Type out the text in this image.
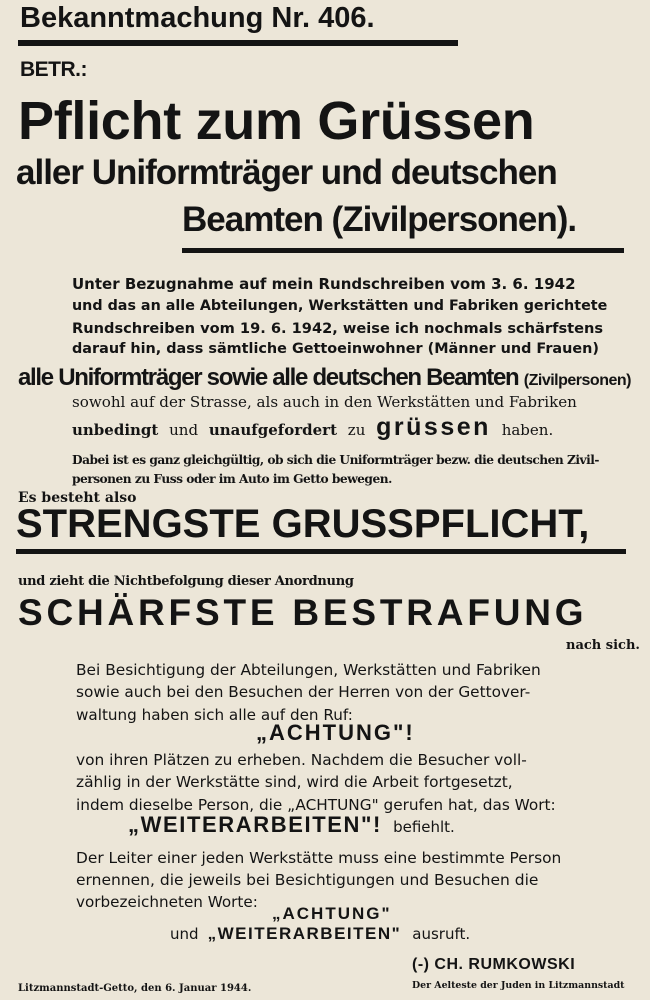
Bekanntmachung Nr. 406.
BETR.:
Pflicht zum Grüssen
aller Uniformträger und deutschen
Beamten (Zivilpersonen).
Unter Bezugnahme auf mein Rundschreiben vom 3. 6. 1942
und das an alle Abteilungen, Werkstätten und Fabriken gerichtete
Rundschreiben vom 19. 6. 1942, weise ich nochmals schärfstens
darauf hin, dass sämtliche Gettoeinwohner (Männer und Frauen)
alle Uniformträger sowie alle deutschen Beamten (Zivilpersonen)
sowohl auf der Strasse, als auch in den Werkstätten und Fabriken
unbedingt und unaufgefordert zu grüssen haben.
Dabei ist es ganz gleichgültig, ob sich die Uniformträger bezw. die deutschen Zivil-
personen zu Fuss oder im Auto im Getto bewegen.
Es besteht also
STRENGSTE GRUSSPFLICHT,
und zieht die Nichtbefolgung dieser Anordnung
SCHÄRFSTE BESTRAFUNG
nach sich.
Bei Besichtigung der Abteilungen, Werkstätten und Fabriken
sowie auch bei den Besuchen der Herren von der Gettover-
waltung haben sich alle auf den Ruf:
„ACHTUNG"!
von ihren Plätzen zu erheben. Nachdem die Besucher voll-
zählig in der Werkstätte sind, wird die Arbeit fortgesetzt,
indem dieselbe Person, die „ACHTUNG" gerufen hat, das Wort:
„WEITERARBEITEN"! befiehlt.
Der Leiter einer jeden Werkstätte muss eine bestimmte Person
ernennen, die jeweils bei Besichtigungen und Besuchen die
vorbezeichneten Worte:
„ACHTUNG"
und „WEITERARBEITEN" ausruft.
Litzmannstadt-Getto, den 6. Januar 1944.
(-) CH. RUMKOWSKI
Der Aelteste der Juden in Litzmannstadt
